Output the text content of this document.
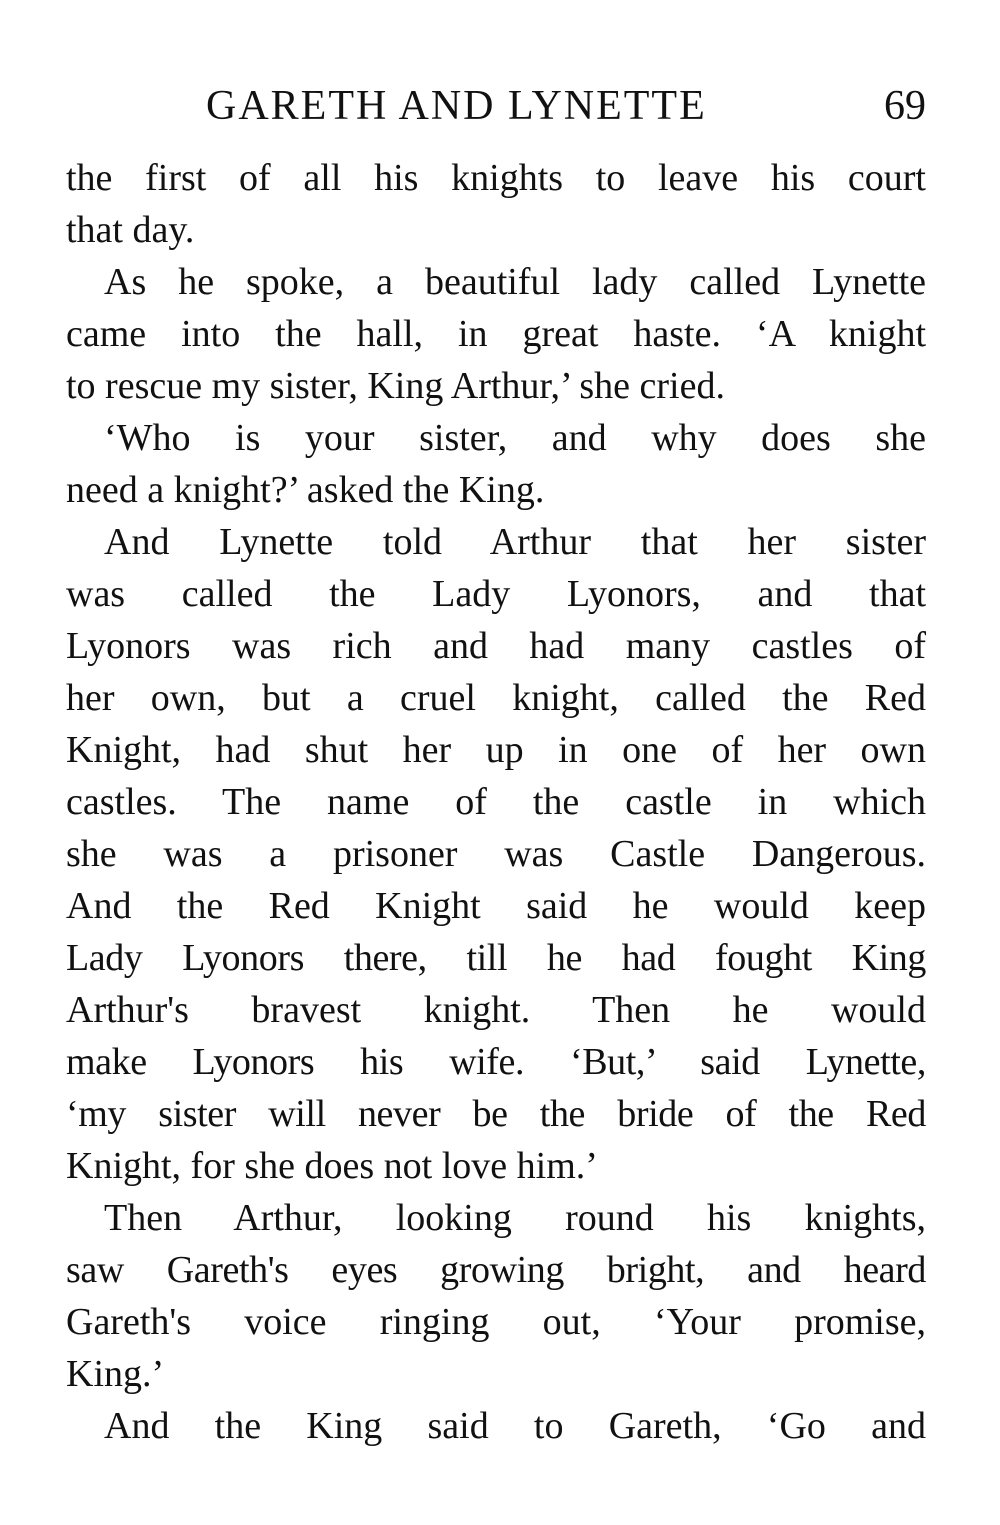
GARETH AND LYNETTE	69
the first of all his knights to leave his court
that day.
As he spoke, a beautiful lady called Lynette
came into the hall, in great haste. ‘A knight
to rescue my sister, King Arthur,’ she cried.
‘Who is your sister, and why does she
need a knight?’ asked the King.
And Lynette told Arthur that her sister
was called the Lady Lyonors, and that
Lyonors was rich and had many castles of
her own, but a cruel knight, called the Red
Knight, had shut her up in one of her own
castles. The name of the castle in which
she was a prisoner was Castle Dangerous.
And the Red Knight said he would keep
Lady Lyonors there, till he had fought King
Arthur's bravest knight. Then he would
make Lyonors his wife. ‘But,’ said Lynette,
‘my sister will never be the bride of the Red
Knight, for she does not love him.’
Then Arthur, looking round his knights,
saw Gareth's eyes growing bright, and heard
Gareth's voice ringing out, ‘Your promise,
King.’
And the King said to Gareth, ‘Go and
